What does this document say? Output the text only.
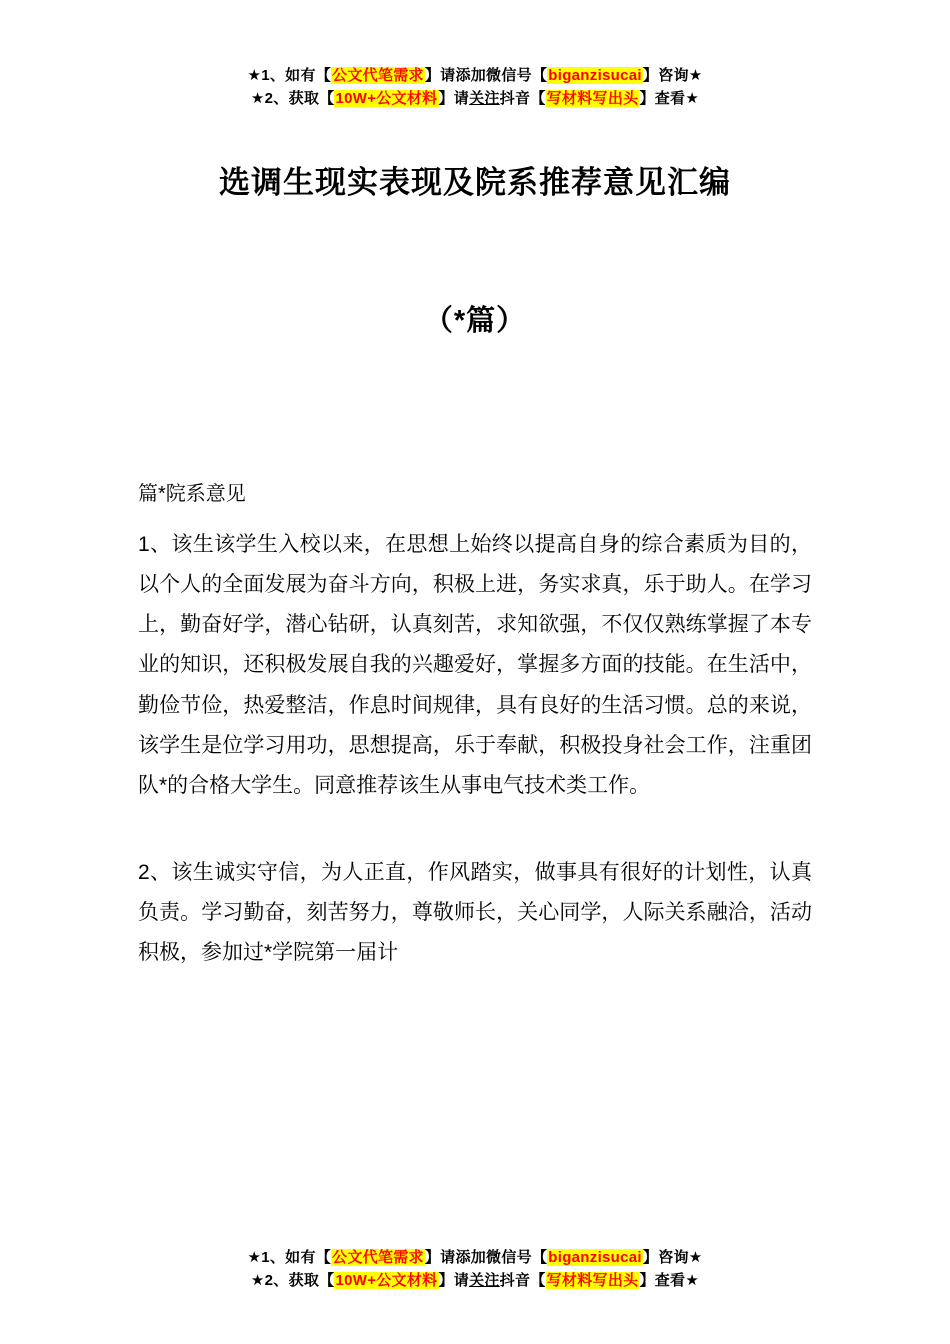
★1、如有【公文代笔需求】请添加微信号【biganzisucai】咨询★
★2、获取【10W+公文材料】请关注抖音【写材料写出头】查看★
选调生现实表现及院系推荐意见汇编
（*篇）
篇*院系意见

1、该生该学生入校以来，在思想上始终以提高自身的综合素质为目的，以个人的全面发展为奋斗方向，积极上进，务实求真，乐于助人。在学习上，勤奋好学，潜心钻研，认真刻苦，求知欲强，不仅仅熟练掌握了本专业的知识，还积极发展自我的兴趣爱好，掌握多方面的技能。在生活中，勤俭节俭，热爱整洁，作息时间规律，具有良好的生活习惯。总的来说，该学生是位学习用功，思想提高，乐于奉献，积极投身社会工作，注重团队*的合格大学生。同意推荐该生从事电气技术类工作。

2、该生诚实守信，为人正直，作风踏实，做事具有很好的计划性，认真负责。学习勤奋，刻苦努力，尊敬师长，关心同学，人际关系融洽，活动积极，参加过*学院第一届计

★1、如有【公文代笔需求】请添加微信号【biganzisucai】咨询★
★2、获取【10W+公文材料】请关注抖音【写材料写出头】查看★
